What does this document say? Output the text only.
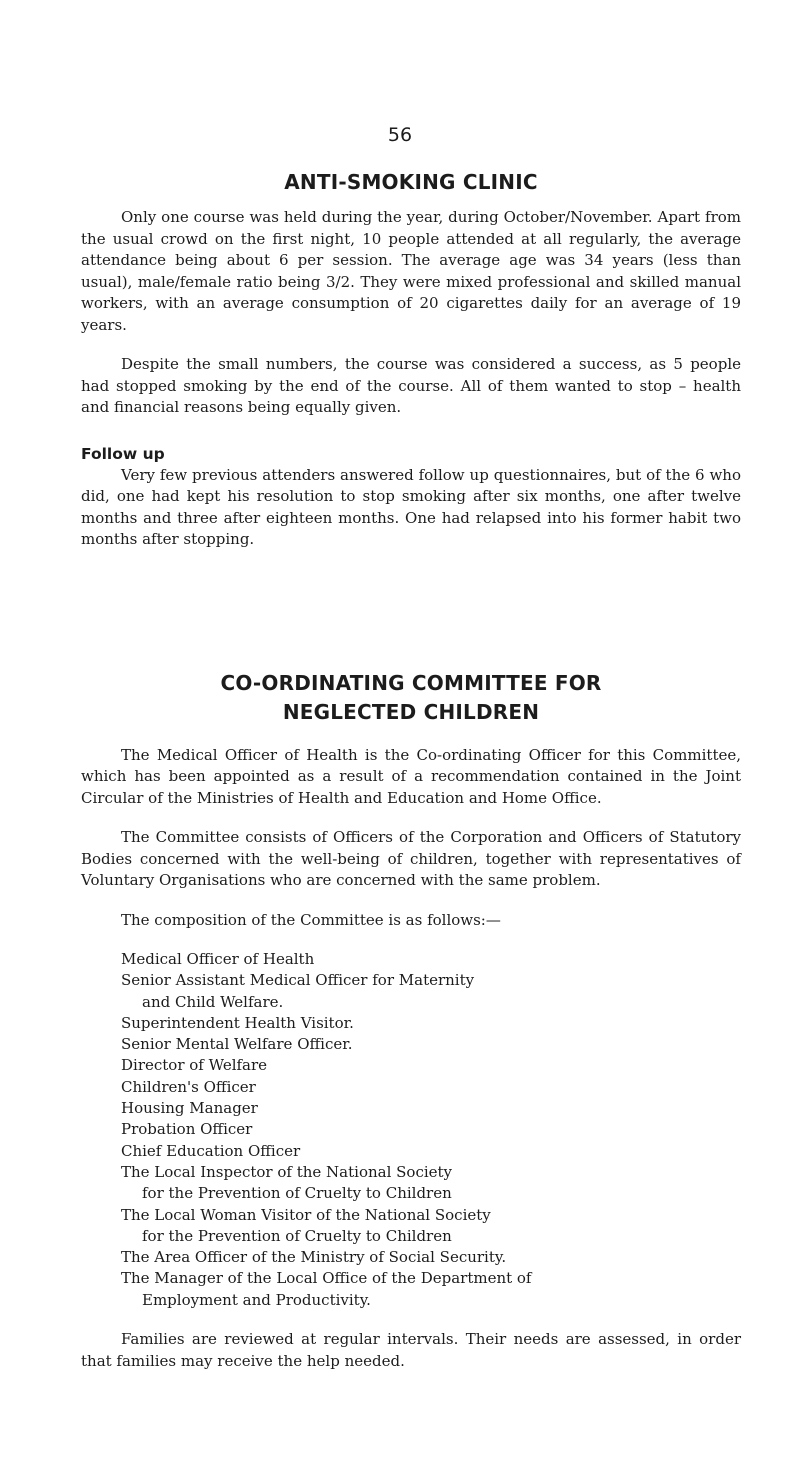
56
ANTI-SMOKING CLINIC

Only one course was held during the year, during October/November. Apart from the usual crowd on the first night, 10 people attended at all regularly, the average attendance being about 6 per session. The average age was 34 years (less than usual), male/female ratio being 3/2. They were mixed professional and skilled manual workers, with an average consumption of 20 cigarettes daily for an average of 19 years.

Despite the small numbers, the course was considered a success, as 5 people had stopped smoking by the end of the course. All of them wanted to stop – health and financial reasons being equally given.

Follow up

Very few previous attenders answered follow up questionnaires, but of the 6 who did, one had kept his resolution to stop smoking after six months, one after twelve months and three after eighteen months. One had relapsed into his former habit two months after stopping.

CO-ORDINATING COMMITTEE FOR
NEGLECTED CHILDREN

The Medical Officer of Health is the Co-ordinating Officer for this Committee, which has been appointed as a result of a recommendation contained in the Joint Circular of the Ministries of Health and Education and Home Office.

The Committee consists of Officers of the Corporation and Officers of Statutory Bodies concerned with the well-being of children, together with representatives of Voluntary Organisations who are concerned with the same problem.

The composition of the Committee is as follows:—

Medical Officer of Health
Senior Assistant Medical Officer for Maternity
and Child Welfare.
Superintendent Health Visitor.
Senior Mental Welfare Officer.
Director of Welfare
Children's Officer
Housing Manager
Probation Officer
Chief Education Officer
The Local Inspector of the National Society
for the Prevention of Cruelty to Children
The Local Woman Visitor of the National Society
for the Prevention of Cruelty to Children
The Area Officer of the Ministry of Social Security.
The Manager of the Local Office of the Department of
Employment and Productivity.

Families are reviewed at regular intervals. Their needs are assessed, in order that families may receive the help needed.
